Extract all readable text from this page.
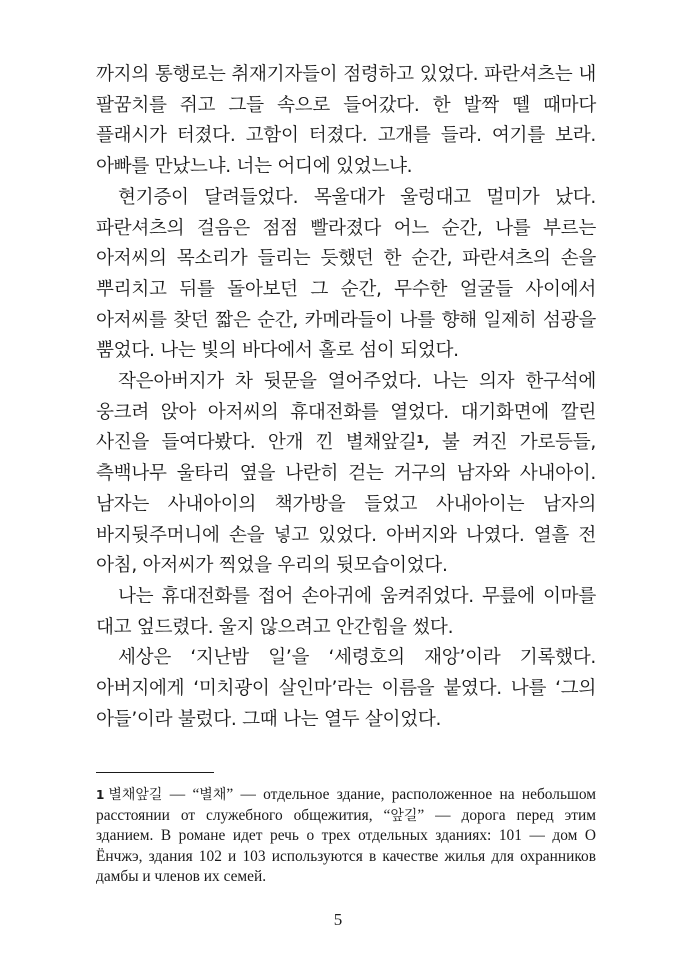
까지의 통행로는 취재기자들이 점령하고 있었다. 파란셔츠는 내 팔꿈치를 쥐고 그들 속으로 들어갔다. 한 발짝 뗄 때마다 플래시가 터졌다. 고함이 터졌다. 고개를 들라. 여기를 보라. 아빠를 만났느냐. 너는 어디에 있었느냐.

현기증이 달려들었다. 목울대가 울렁대고 멀미가 났다. 파란셔츠의 걸음은 점점 빨라졌다 어느 순간, 나를 부르는 아저씨의 목소리가 들리는 듯했던 한 순간, 파란셔츠의 손을 뿌리치고 뒤를 돌아보던 그 순간, 무수한 얼굴들 사이에서 아저씨를 찾던 짧은 순간, 카메라들이 나를 향해 일제히 섬광을 뿜었다. 나는 빛의 바다에서 홀로 섬이 되었다.

작은아버지가 차 뒷문을 열어주었다. 나는 의자 한구석에 웅크려 앉아 아저씨의 휴대전화를 열었다. 대기화면에 깔린 사진을 들여다봤다. 안개 낀 별채앞길$^1$, 불 켜진 가로등들, 측백나무 울타리 옆을 나란히 걷는 거구의 남자와 사내아이. 남자는 사내아이의 책가방을 들었고 사내아이는 남자의 바지뒷주머니에 손을 넣고 있었다. 아버지와 나였다. 열흘 전 아침, 아저씨가 찍었을 우리의 뒷모습이었다.

나는 휴대전화를 접어 손아귀에 움켜쥐었다. 무릎에 이마를 대고 엎드렸다. 울지 않으려고 안간힘을 썼다.

세상은 ‘지난밤 일’을 ‘세령호의 재앙’이라 기록했다. 아버지에게 ‘미치광이 살인마’라는 이름을 붙였다. 나를 ‘그의 아들’이라 불렀다. 그때 나는 열두 살이었다.

1 별채앞길 — “별채” — отдельное здание, расположенное на небольшом расстоянии от служебного общежития, “앞길” — дорога перед этим зданием. В романе идет речь о трех отдельных зданиях: 101 — дом О Ёнчжэ, здания 102 и 103 используются в качестве жилья для охранников дамбы и членов их семей.
5
